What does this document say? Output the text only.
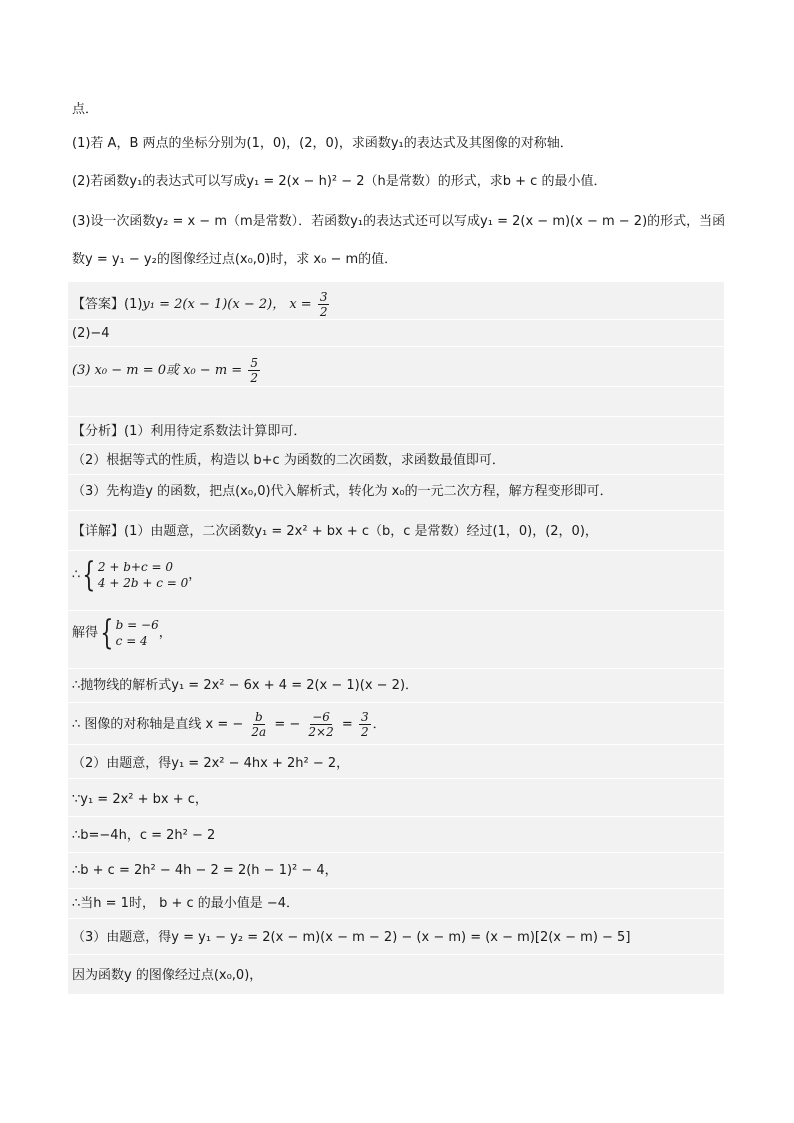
点．
(1)若 A，B 两点的坐标分别为(1，0)，(2，0)，求函数y₁的表达式及其图像的对称轴．
(2)若函数y₁的表达式可以写成y₁ = 2(x − h)² − 2（h是常数）的形式，求b + c 的最小值．
(3)设一次函数y₂ = x − m（m是常数）．若函数y₁的表达式还可以写成y₁ = 2(x − m)(x − m − 2)的形式，当函
数y = y₁ − y₂的图像经过点(x₀,0)时，求 x₀ − m的值．
【答案】(1)y₁ = 2(x − 1)(x − 2)， $x = \frac{3}{2}$
(2)−4
(3) x₀ − m = 0或 $x_0 - m = \frac{5}{2}$
【分析】(1）利用待定系数法计算即可．
（2）根据等式的性质，构造以 b+c 为函数的二次函数，求函数最值即可．
（3）先构造y 的函数，把点(x₀,0)代入解析式，转化为 x₀的一元二次方程，解方程变形即可．
【详解】(1）由题意，二次函数y₁ = 2x² + bx + c（b，c 是常数）经过(1，0)，(2，0)，
∴{ 2 + b+c = 0
4 + 2b + c = 0
，
解得{ b = −6
c = 4
，
∴抛物线的解析式y₁ = 2x² − 6x + 4 = 2(x − 1)(x − 2)．
∴ 图像的对称轴是直线 x = − $\frac{b}{2a}$ = − $\frac{-6}{2\times 2} = \frac{3}{2}$ ．
（2）由题意，得y₁ = 2x² − 4hx + 2h² − 2，
∵y₁ = 2x² + bx + c，
∴b=−4h，c = 2h² − 2
∴b + c = 2h² − 4h − 2 = 2(h − 1)² − 4，
∴当h = 1时， b + c 的最小值是 −4．
（3）由题意，得y = y₁ − y₂ = 2(x − m)(x − m − 2) − (x − m) = (x − m)[2(x − m) − 5]
因为函数y 的图像经过点(x₀,0)，
